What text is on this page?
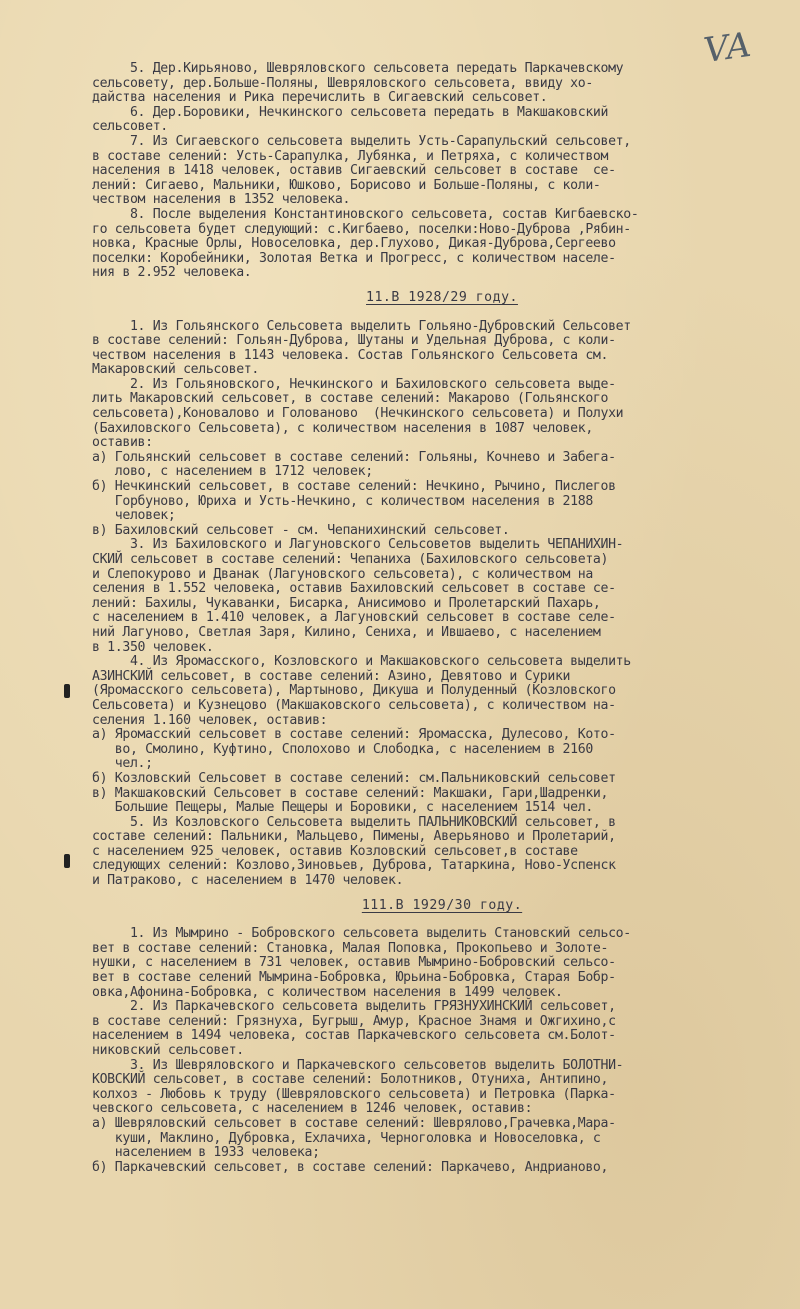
VA
5. Дер.Кирьяново, Шевряловского сельсовета передать Паркачевскому
сельсовету, дер.Больше-Поляны, Шевряловского сельсовета, ввиду хо-
дайства населения и Рика перечислить в Сигаевский сельсовет.
6. Дер.Боровики, Нечкинского сельсовета передать в Макшаковский
сельсовет.
7. Из Сигаевского сельсовета выделить Усть-Сарапульский сельсовет,
в составе селений: Усть-Сарапулка, Лубянка, и Петряха, с количеством
населения в 1418 человек, оставив Сигаевский сельсовет в составе  се-
лений: Сигаево, Мальники, Юшково, Борисово и Больше-Поляны, с коли-
чеством населения в 1352 человека.
8. После выделения Константиновского сельсовета, состав Кигбаевско-
го сельсовета будет следующий: с.Кигбаево, поселки:Ново-Дуброва ,Рябин-
новка, Красные Орлы, Новоселовка, дер.Глухово, Дикая-Дуброва,Сергеево
поселки: Коробейники, Золотая Ветка и Прогресс, с количеством населе-
ния в 2.952 человека.
11.В 1928/29 году.
1. Из Гольянского Сельсовета выделить Гольяно-Дубровский Сельсовет
в составе селений: Гольян-Дуброва, Шутаны и Удельная Дуброва, с коли-
чеством населения в 1143 человека. Состав Гольянского Сельсовета см.
Макаровский сельсовет.
2. Из Гольяновского, Нечкинского и Бахиловского сельсовета выде-
лить Макаровский сельсовет, в составе селений: Макарово (Гольянского
сельсовета),Коновалово и Голованово  (Нечкинского сельсовета) и Полухи
(Бахиловского Сельсовета), с количеством населения в 1087 человек,
оставив:
а) Гольянский сельсовет в составе селений: Гольяны, Кочнево и Забега-
лово, с населением в 1712 человек;
б) Нечкинский сельсовет, в составе селений: Нечкино, Рычино, Пислегов
Горбуново, Юриха и Усть-Нечкино, с количеством населения в 2188
человек;
в) Бахиловский сельсовет - см. Чепанихинский сельсовет.
3. Из Бахиловского и Лагуновского Сельсоветов выделить ЧЕПАНИХИН-
СКИЙ сельсовет в составе селений: Чепаниха (Бахиловского сельсовета)
и Слепокурово и Дванак (Лагуновского сельсовета), с количеством на
селения в 1.552 человека, оставив Бахиловский сельсовет в составе се-
лений: Бахилы, Чукаванки, Бисарка, Анисимово и Пролетарский Пахарь,
с населением в 1.410 человек, а Лагуновский сельсовет в составе селе-
ний Лагуново, Светлая Заря, Килино, Сениха, и Ившаево, с населением
в 1.350 человек.
4. Из Яромасского, Козловского и Макшаковского сельсовета выделить
АЗИНСКИЙ сельсовет, в составе селений: Азино, Девятово и Сурики
(Яромасского сельсовета), Мартыново, Дикуша и Полуденный (Козловского
Сельсовета) и Кузнецово (Макшаковского сельсовета), с количеством на-
селения 1.160 человек, оставив:
а) Яромасский сельсовет в составе селений: Яромасска, Дулесово, Кото-
во, Смолино, Куфтино, Сполохово и Слободка, с населением в 2160
чел.;
б) Козловский Сельсовет в составе селений: см.Пальниковский сельсовет
в) Макшаковский Сельсовет в составе селений: Макшаки, Гари,Шадренки,
Большие Пещеры, Малые Пещеры и Боровики, с населением 1514 чел.
5. Из Козловского Сельсовета выделить ПАЛЬНИКОВСКИЙ сельсовет, в
составе селений: Пальники, Мальцево, Пимены, Аверьяново и Пролетарий,
с населением 925 человек, оставив Козловский сельсовет,в составе
следующих селений: Козлово,Зиновьев, Дуброва, Татаркина, Ново-Успенск
и Патраково, с населением в 1470 человек.
111.В 1929/30 году.
1. Из Мымрино - Бобровского сельсовета выделить Становский сельсо-
вет в составе селений: Становка, Малая Поповка, Прокопьево и Золоте-
нушки, с населением в 731 человек, оставив Мымрино-Бобровский сельсо-
вет в составе селений Мымрина-Бобровка, Юрьина-Бобровка, Старая Бобр-
овка,Афонина-Бобровка, с количеством населения в 1499 человек.
2. Из Паркачевского сельсовета выделить ГРЯЗНУХИНСКИЙ сельсовет,
в составе селений: Грязнуха, Бугрыш, Амур, Красное Знамя и Ожгихино,с
населением в 1494 человека, состав Паркачевского сельсовета см.Болот-
никовский сельсовет.
3. Из Шевряловского и Паркачевского сельсоветов выделить БОЛОТНИ-
КОВСКИЙ сельсовет, в составе селений: Болотников, Отуниха, Антипино,
колхоз - Любовь к труду (Шевряловского сельсовета) и Петровка (Парка-
чевского сельсовета, с населением в 1246 человек, оставив:
а) Шевряловский сельсовет в составе селений: Шеврялово,Грачевка,Мара-
куши, Маклино, Дубровка, Ехлачиха, Черноголовка и Новоселовка, с
населением в 1933 человека;
б) Паркачевский сельсовет, в составе селений: Паркачево, Андрианово,
